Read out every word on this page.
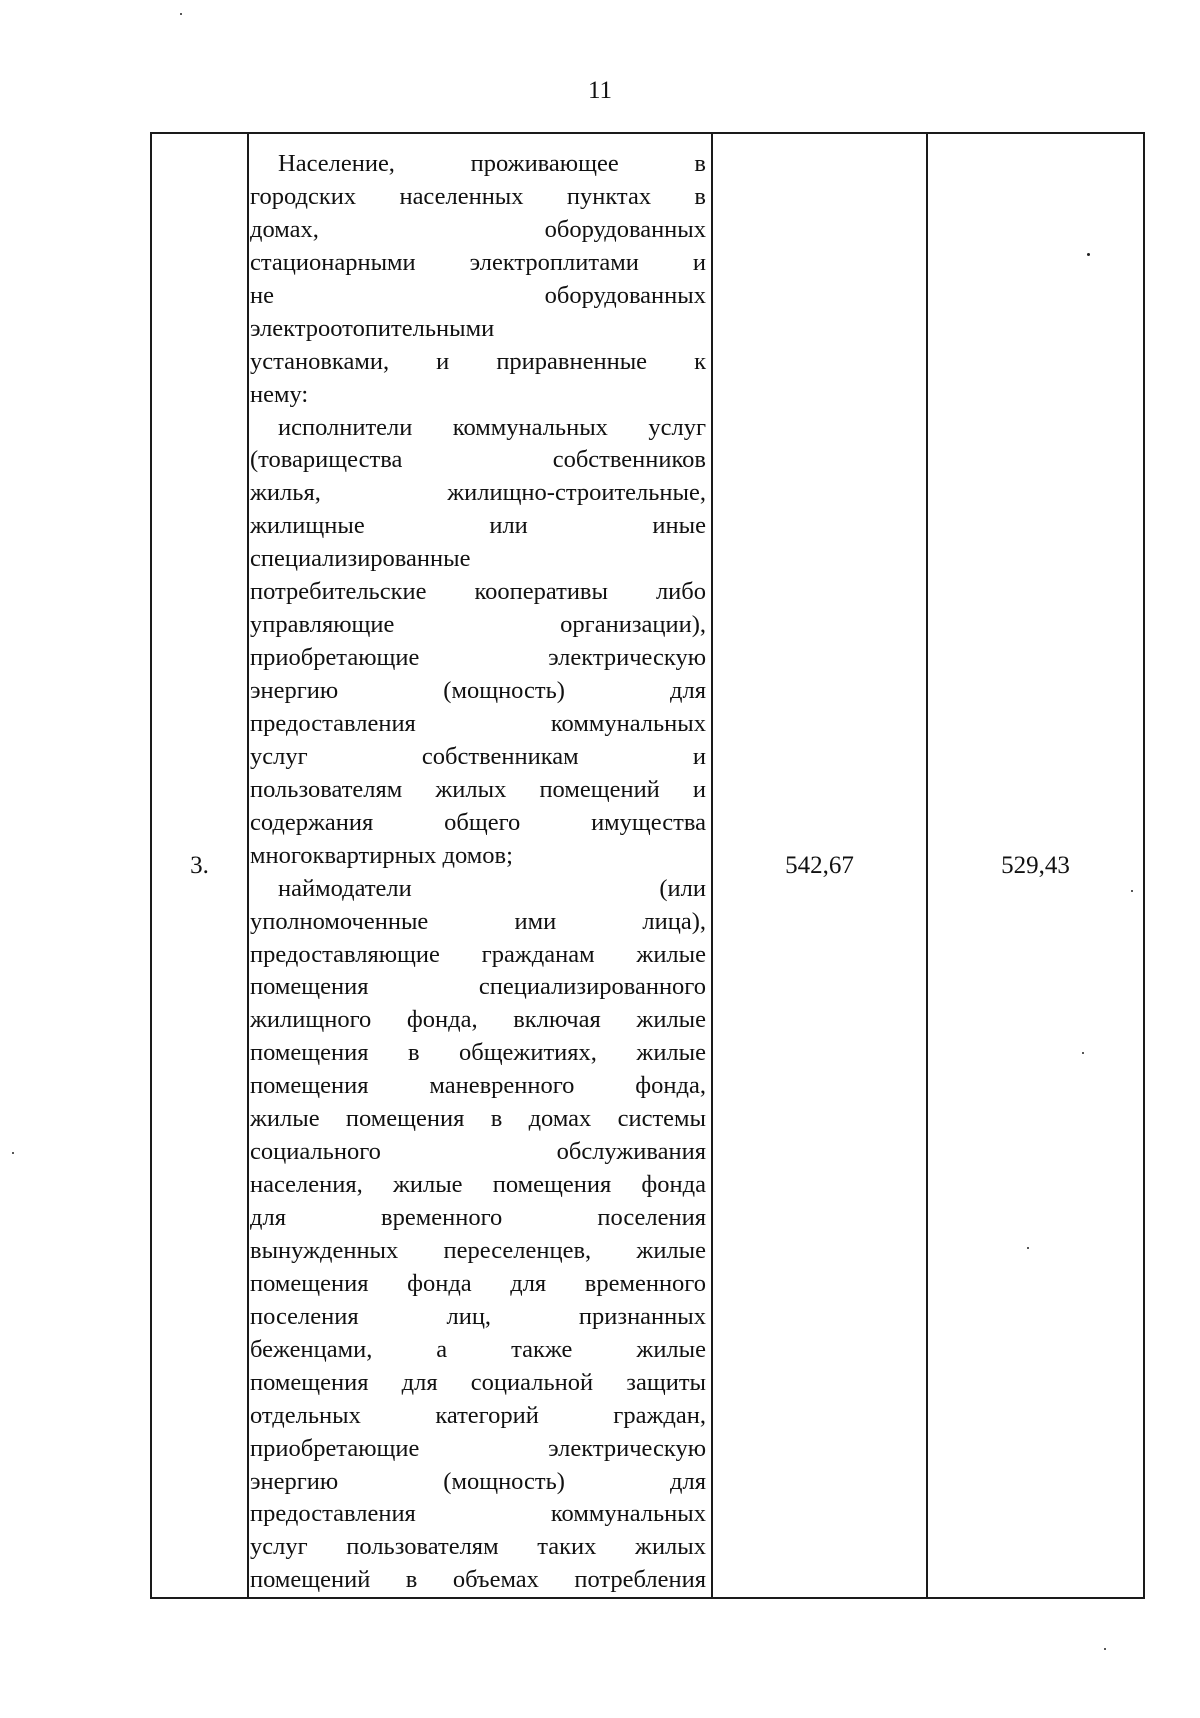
11
3.
Население, проживающее в
городских населенных пунктах в
домах, оборудованных
стационарными электроплитами и
не оборудованных
электроотопительными
установками, и приравненные к
нему:
исполнители коммунальных услуг
(товарищества собственников
жилья, жилищно-строительные,
жилищные или иные
специализированные
потребительские кооперативы либо
управляющие организации),
приобретающие электрическую
энергию (мощность) для
предоставления коммунальных
услуг собственникам и
пользователям жилых помещений и
содержания общего имущества
многоквартирных домов;
наймодатели (или
уполномоченные ими лица),
предоставляющие гражданам жилые
помещения специализированного
жилищного фонда, включая жилые
помещения в общежитиях, жилые
помещения маневренного фонда,
жилые помещения в домах системы
социального обслуживания
населения, жилые помещения фонда
для временного поселения
вынужденных переселенцев, жилые
помещения фонда для временного
поселения лиц, признанных
беженцами, а также жилые
помещения для социальной защиты
отдельных категорий граждан,
приобретающие электрическую
энергию (мощность) для
предоставления коммунальных
услуг пользователям таких жилых
помещений в объемах потребления
542,67	529,43
